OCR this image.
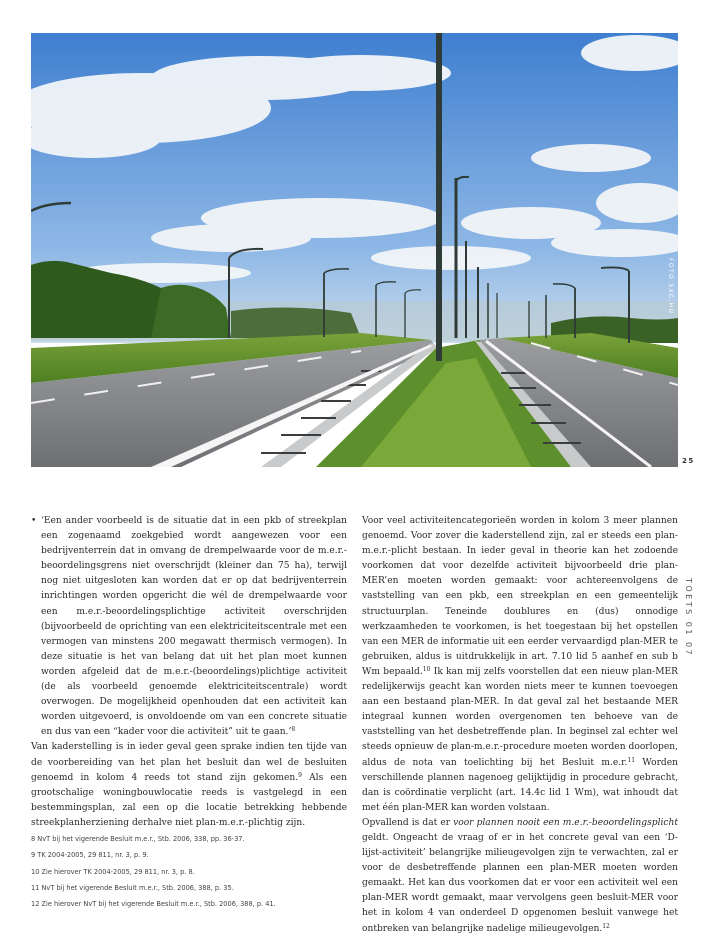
FOTO SXC.HU
25
TOETS 01 07

• ‘Een ander voorbeeld is de situatie dat in een pkb of streekplan een zogenaamd zoekgebied wordt aangewezen voor een bedrijventerrein dat in omvang de drempelwaarde voor de m.e.r.-beoordelingsgrens niet overschrijdt (kleiner dan 75 ha), terwijl nog niet uitgesloten kan worden dat er op dat bedrijventerrein inrichtingen worden opgericht die wél de drempelwaarde voor een m.e.r.-beoordelingsplichtige activiteit overschrijden (bijvoorbeeld de oprichting van een elektriciteitscentrale met een vermogen van minstens 200 megawatt thermisch vermogen). In deze situatie is het van belang dat uit het plan moet kunnen worden afgeleid dat de m.e.r.-(beoordelings)plichtige activiteit (de als voorbeeld genoemde elektriciteitscentrale) wordt overwogen. De mogelijkheid openhouden dat een activiteit kan worden uitgevoerd, is onvoldoende om van een concrete situatie en dus van een “kader voor die activiteit” uit te gaan.’$^8$

Van kaderstelling is in ieder geval geen sprake indien ten tijde van de voorbereiding van het plan het besluit dan wel de besluiten genoemd in kolom 4 reeds tot stand zijn gekomen.$^9$ Als een grootschalige woningbouwlocatie reeds is vastgelegd in een bestemmingsplan, zal een op die locatie betrekking hebbende streekplanherziening derhalve niet plan-m.e.r.-plichtig zijn.

8 NvT bij het vigerende Besluit m.e.r., Stb. 2006, 338, pp. 36-37.
9 TK 2004-2005, 29 811, nr. 3, p. 9.
10 Zie hierover TK 2004-2005, 29 811, nr. 3, p. 8.
11 NvT bij het vigerende Besluit m.e.r., Stb. 2006, 388, p. 35.
12 Zie hierover NvT bij het vigerende Besluit m.e.r., Stb. 2006, 388, p. 41.

Voor veel activiteitencategorieën worden in kolom 3 meer plannen genoemd. Voor zover die kaderstellend zijn, zal er steeds een plan-m.e.r.-plicht bestaan. In ieder geval in theorie kan het zodoende voorkomen dat voor dezelfde activiteit bijvoorbeeld drie plan-MER’en moeten worden gemaakt: voor achtereenvolgens de vaststelling van een pkb, een streekplan en een gemeentelijk structuurplan. Teneinde doublures en (dus) onnodige werkzaamheden te voorkomen, is het toegestaan bij het opstellen van een MER de informatie uit een eerder vervaardigd plan-MER te gebruiken, aldus is uitdrukkelijk in art. 7.10 lid 5 aanhef en sub b Wm bepaald.$^{10}$ Ik kan mij zelfs voorstellen dat een nieuw plan-MER redelijkerwijs geacht kan worden niets meer te kunnen toevoegen aan een bestaand plan-MER. In dat geval zal het bestaande MER integraal kunnen worden overgenomen ten behoeve van de vaststelling van het desbetreffende plan. In beginsel zal echter wel steeds opnieuw de plan-m.e.r.-procedure moeten worden doorlopen, aldus de nota van toelichting bij het Besluit m.e.r.$^{11}$ Worden verschillende plannen nagenoeg gelijktijdig in procedure gebracht, dan is coördinatie verplicht (art. 14.4c lid 1 Wm), wat inhoudt dat met één plan-MER kan worden volstaan.

Opvallend is dat er voor plannen nooit een m.e.r.-beoordelingsplicht geldt. Ongeacht de vraag of er in het concrete geval van een ‘D-lijst-activiteit’ belangrijke milieugevolgen zijn te verwachten, zal er voor de desbetreffende plannen een plan-MER moeten worden gemaakt. Het kan dus voorkomen dat er voor een activiteit wel een plan-MER wordt gemaakt, maar vervolgens geen besluit-MER voor het in kolom 4 van onderdeel D opgenomen besluit vanwege het ontbreken van belangrijke nadelige milieugevolgen.$^{12}$
